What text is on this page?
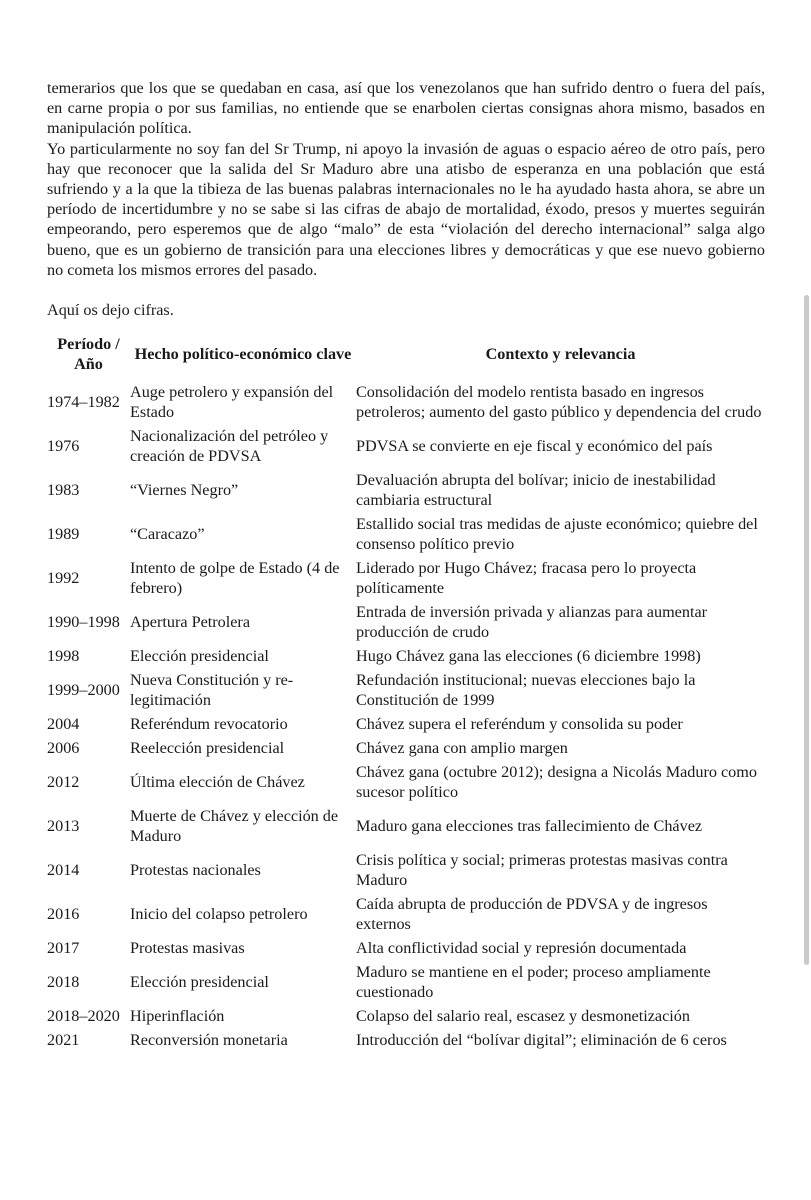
temerarios que los que se quedaban en casa, así que los venezolanos que han sufrido dentro o fuera del país, en carne propia o por sus familias, no entiende que se enarbolen ciertas consignas ahora mismo, basados en manipulación política.

Yo particularmente no soy fan del Sr Trump, ni apoyo la invasión de aguas o espacio aéreo de otro país, pero hay que reconocer que la salida del Sr Maduro abre una atisbo de esperanza en una población que está sufriendo y a la que la tibieza de las buenas palabras internacionales no le ha ayudado hasta ahora, se abre un período de incertidumbre y no se sabe si las cifras de abajo de mortalidad, éxodo, presos y muertes seguirán empeorando, pero esperemos que de algo “malo” de esta “violación del derecho internacional” salga algo bueno, que es un gobierno de transición para una elecciones libres y democráticas y que ese nuevo gobierno no cometa los mismos errores del pasado.

Aquí os dejo cifras.

Período / Año	Hecho político-económico clave	Contexto y relevancia
1974–1982	Auge petrolero y expansión del Estado	Consolidación del modelo rentista basado en ingresos petroleros; aumento del gasto público y dependencia del crudo
1976	Nacionalización del petróleo y creación de PDVSA	PDVSA se convierte en eje fiscal y económico del país
1983	“Viernes Negro”	Devaluación abrupta del bolívar; inicio de inestabilidad cambiaria estructural
1989	“Caracazo”	Estallido social tras medidas de ajuste económico; quiebre del consenso político previo
1992	Intento de golpe de Estado (4 de febrero)	Liderado por Hugo Chávez; fracasa pero lo proyecta políticamente
1990–1998	Apertura Petrolera	Entrada de inversión privada y alianzas para aumentar producción de crudo
1998	Elección presidencial	Hugo Chávez gana las elecciones (6 diciembre 1998)
1999–2000	Nueva Constitución y re-legitimación	Refundación institucional; nuevas elecciones bajo la Constitución de 1999
2004	Referéndum revocatorio	Chávez supera el referéndum y consolida su poder
2006	Reelección presidencial	Chávez gana con amplio margen
2012	Última elección de Chávez	Chávez gana (octubre 2012); designa a Nicolás Maduro como sucesor político
2013	Muerte de Chávez y elección de Maduro	Maduro gana elecciones tras fallecimiento de Chávez
2014	Protestas nacionales	Crisis política y social; primeras protestas masivas contra Maduro
2016	Inicio del colapso petrolero	Caída abrupta de producción de PDVSA y de ingresos externos
2017	Protestas masivas	Alta conflictividad social y represión documentada
2018	Elección presidencial	Maduro se mantiene en el poder; proceso ampliamente cuestionado
2018–2020	Hiperinflación	Colapso del salario real, escasez y desmonetización
2021	Reconversión monetaria	Introducción del “bolívar digital”; eliminación de 6 ceros
